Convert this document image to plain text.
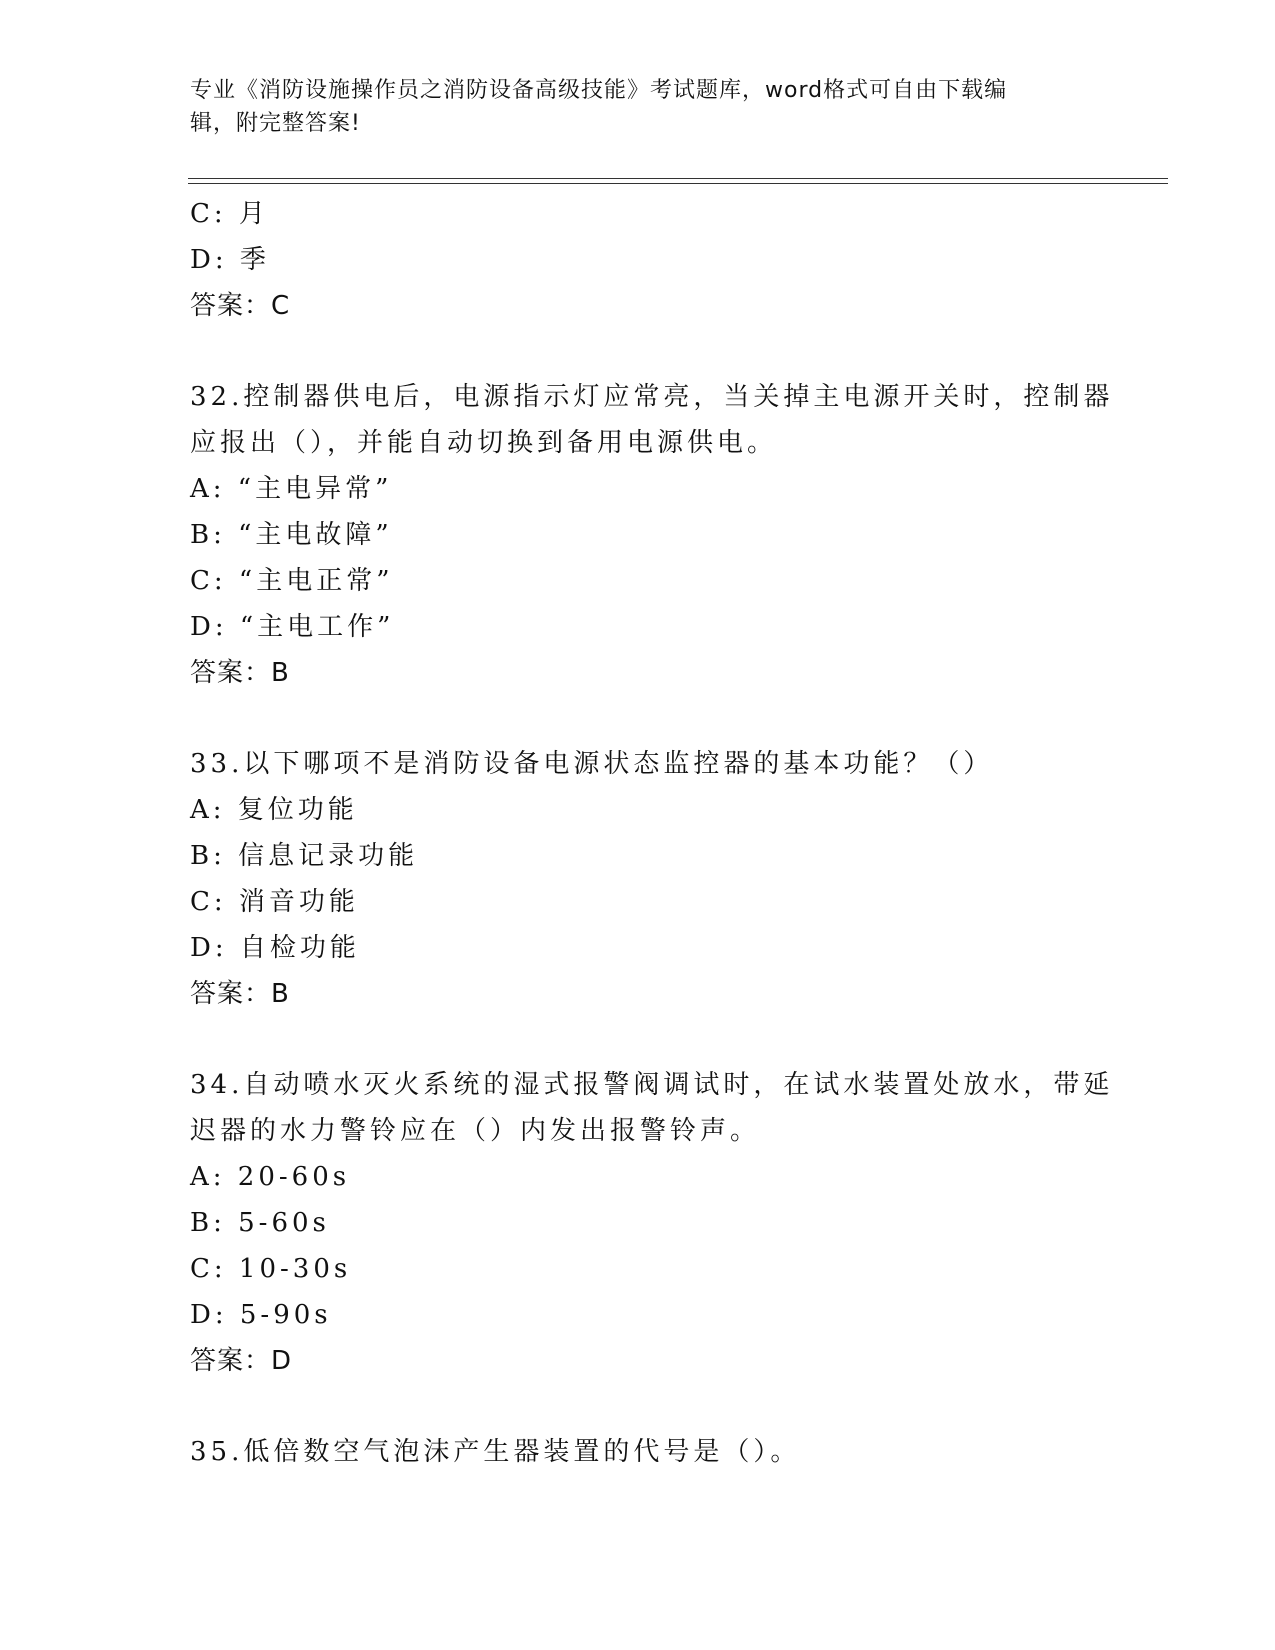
专业《消防设施操作员之消防设备高级技能》考试题库，word格式可自由下载编
辑，附完整答案!
C: 月
D: 季
答案：C
32.控制器供电后，电源指示灯应常亮，当关掉主电源开关时，控制器
应报出（），并能自动切换到备用电源供电。
A: “主电异常”
B: “主电故障”
C: “主电正常”
D: “主电工作”
答案：B
33.以下哪项不是消防设备电源状态监控器的基本功能？（）
A: 复位功能
B: 信息记录功能
C: 消音功能
D: 自检功能
答案：B
34.自动喷水灭火系统的湿式报警阀调试时，在试水装置处放水，带延
迟器的水力警铃应在（）内发出报警铃声。
A: 20-60s
B: 5-60s
C: 10-30s
D: 5-90s
答案：D
35.低倍数空气泡沫产生器装置的代号是（）。
